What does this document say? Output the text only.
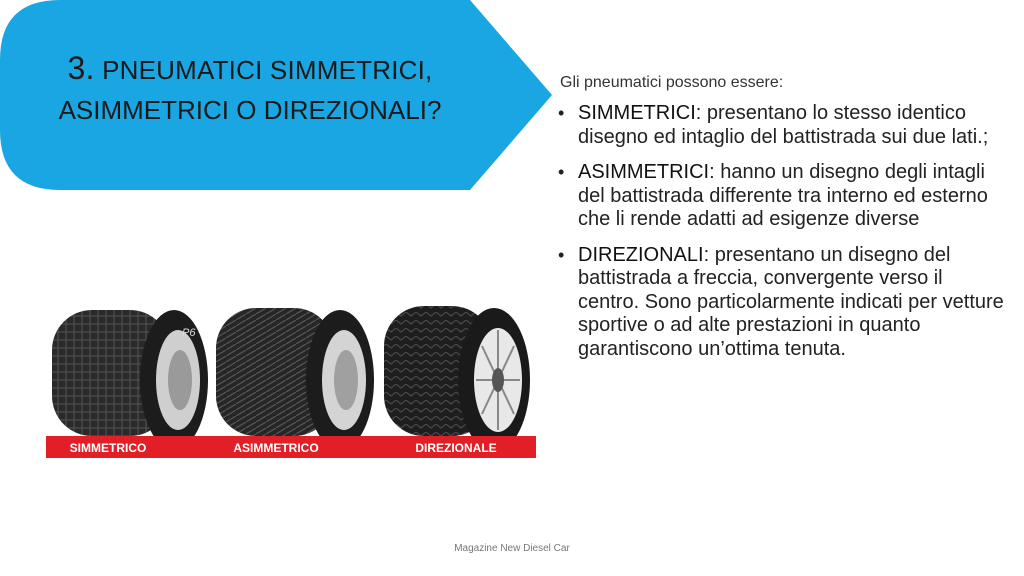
3. PNEUMATICI SIMMETRICI,
ASIMMETRICI O DIREZIONALI?
Gli pneumatici possono essere:
• SIMMETRICI: presentano lo stesso identico disegno ed intaglio del battistrada sui due lati.;
• ASIMMETRICI: hanno un disegno degli intagli del battistrada differente tra interno ed esterno che li rende adatti ad esigenze diverse
• DIREZIONALI: presentano un disegno del battistrada a freccia, convergente verso il centro. Sono particolarmente indicati per vetture sportive o ad alte prestazioni in quanto garantiscono un’ottima tenuta.
P6
SIMMETRICO	ASIMMETRICO	DIREZIONALE
Magazine New Diesel Car
